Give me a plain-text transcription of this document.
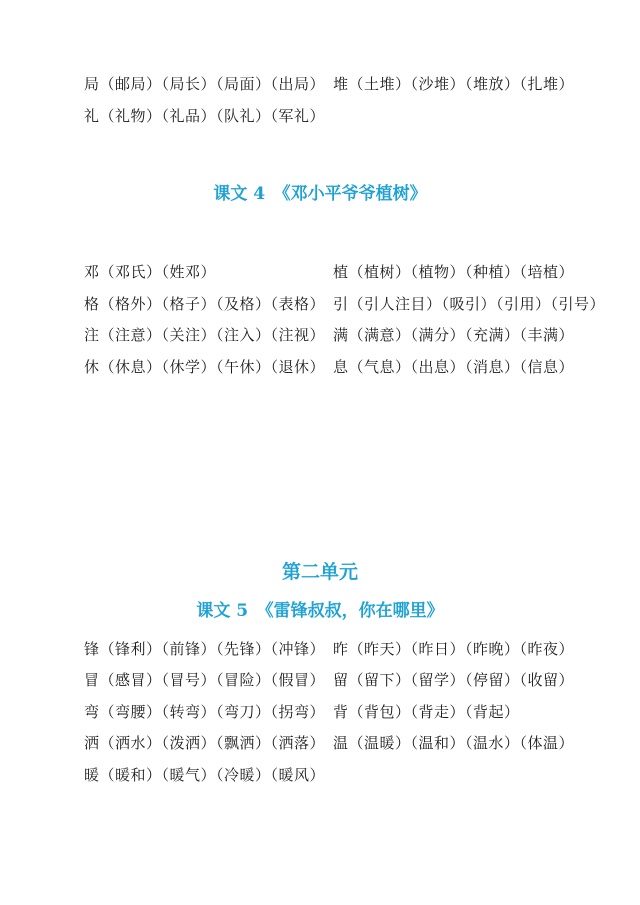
局（邮局）（局长）（局面）（出局） 堆（土堆）（沙堆）（堆放）（扎堆）
礼（礼物）（礼品）（队礼）（军礼）
课文 4　《邓小平爷爷植树》
邓（邓氏）（姓邓）	植（植树）（植物）（种植）（培植）
格（格外）（格子）（及格）（表格） 引（引人注目）（吸引）（引用）（引号）
注（注意）（关注）（注入）（注视） 满（满意）（满分）（充满）（丰满）
休（休息）（休学）（午休）（退休） 息（气息）（出息）（消息）（信息）
第二单元
课文 5　《雷锋叔叔，你在哪里》
锋（锋利）（前锋）（先锋）（冲锋） 昨（昨天）（昨日）（昨晚）（昨夜）
冒（感冒）（冒号）（冒险）（假冒） 留（留下）（留学）（停留）（收留）
弯（弯腰）（转弯）（弯刀）（拐弯） 背（背包）（背走）（背起）
洒（洒水）（泼洒）（飘洒）（洒落） 温（温暖）（温和）（温水）（体温）
暖（暖和）（暖气）（冷暖）（暖风）
